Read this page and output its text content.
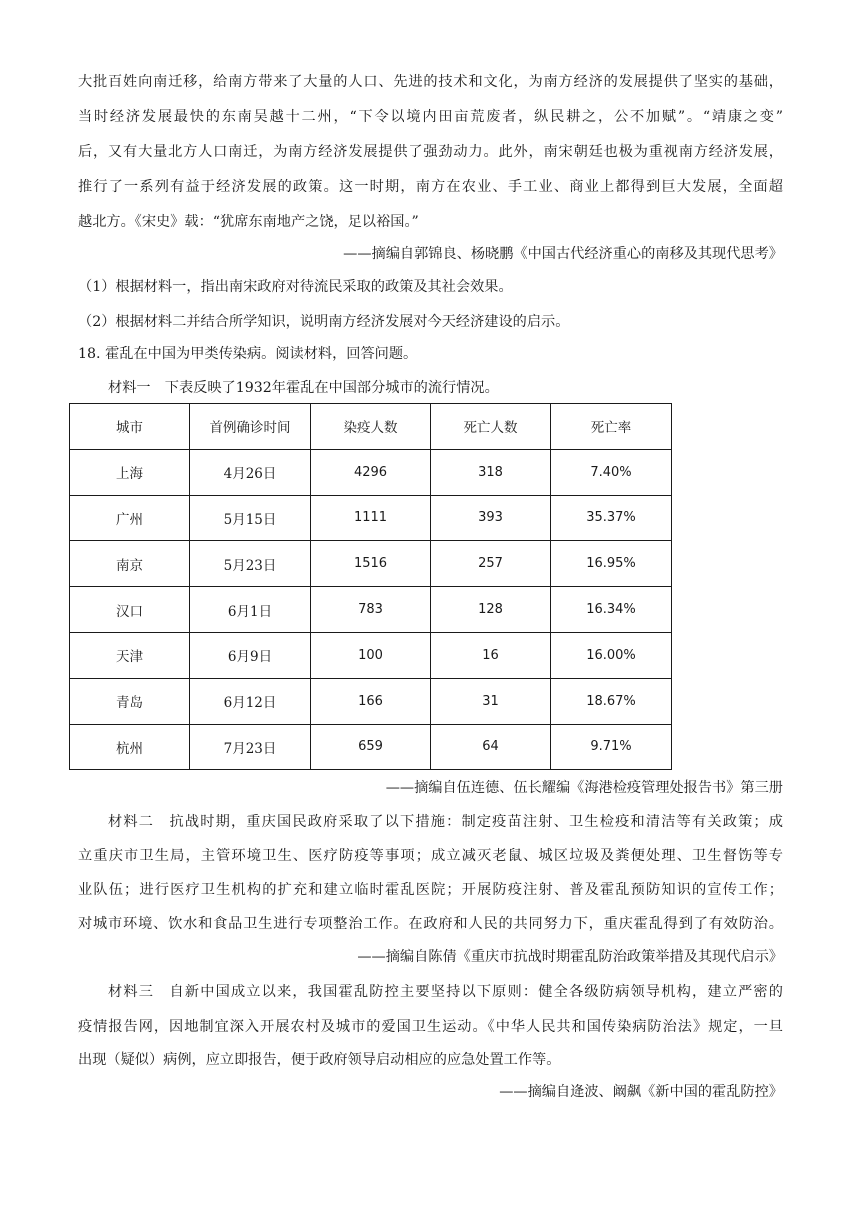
大批百姓向南迁移，给南方带来了大量的人口、先进的技术和文化，为南方经济的发展提供了坚实的基础，
当时经济发展最快的东南吴越十二州，“下令以境内田亩荒废者，纵民耕之，公不加赋”。“靖康之变”
后，又有大量北方人口南迁，为南方经济发展提供了强劲动力。此外，南宋朝廷也极为重视南方经济发展，
推行了一系列有益于经济发展的政策。这一时期，南方在农业、手工业、商业上都得到巨大发展，全面超
越北方。《宋史》载：“犹席东南地产之饶，足以裕国。”
——摘编自郭锦良、杨晓鹏《中国古代经济重心的南移及其现代思考》
（1）根据材料一，指出南宋政府对待流民采取的政策及其社会效果。
（2）根据材料二并结合所学知识，说明南方经济发展对今天经济建设的启示。
18. 霍乱在中国为甲类传染病。阅读材料，回答问题。
材料一　下表反映了1932年霍乱在中国部分城市的流行情况。
城市	首例确诊时间	染疫人数	死亡人数	死亡率
上海	4月26日	4296	318	7.40%
广州	5月15日	1111	393	35.37%
南京	5月23日	1516	257	16.95%
汉口	6月1日	783	128	16.34%
天津	6月9日	100	16	16.00%
青岛	6月12日	166	31	18.67%
杭州	7月23日	659	64	9.71%
——摘编自伍连德、伍长耀编《海港检疫管理处报告书》第三册
材料二　抗战时期，重庆国民政府采取了以下措施：制定疫苗注射、卫生检疫和清洁等有关政策；成
立重庆市卫生局，主管环境卫生、医疗防疫等事项；成立减灭老鼠、城区垃圾及粪便处理、卫生督饬等专
业队伍；进行医疗卫生机构的扩充和建立临时霍乱医院；开展防疫注射、普及霍乱预防知识的宣传工作；
对城市环境、饮水和食品卫生进行专项整治工作。在政府和人民的共同努力下，重庆霍乱得到了有效防治。
——摘编自陈倩《重庆市抗战时期霍乱防治政策举措及其现代启示》
材料三　自新中国成立以来，我国霍乱防控主要坚持以下原则：健全各级防病领导机构，建立严密的
疫情报告网，因地制宜深入开展农村及城市的爱国卫生运动。《中华人民共和国传染病防治法》规定，一旦
出现（疑似）病例，应立即报告，便于政府领导启动相应的应急处置工作等。
——摘编自逄波、阚飙《新中国的霍乱防控》
